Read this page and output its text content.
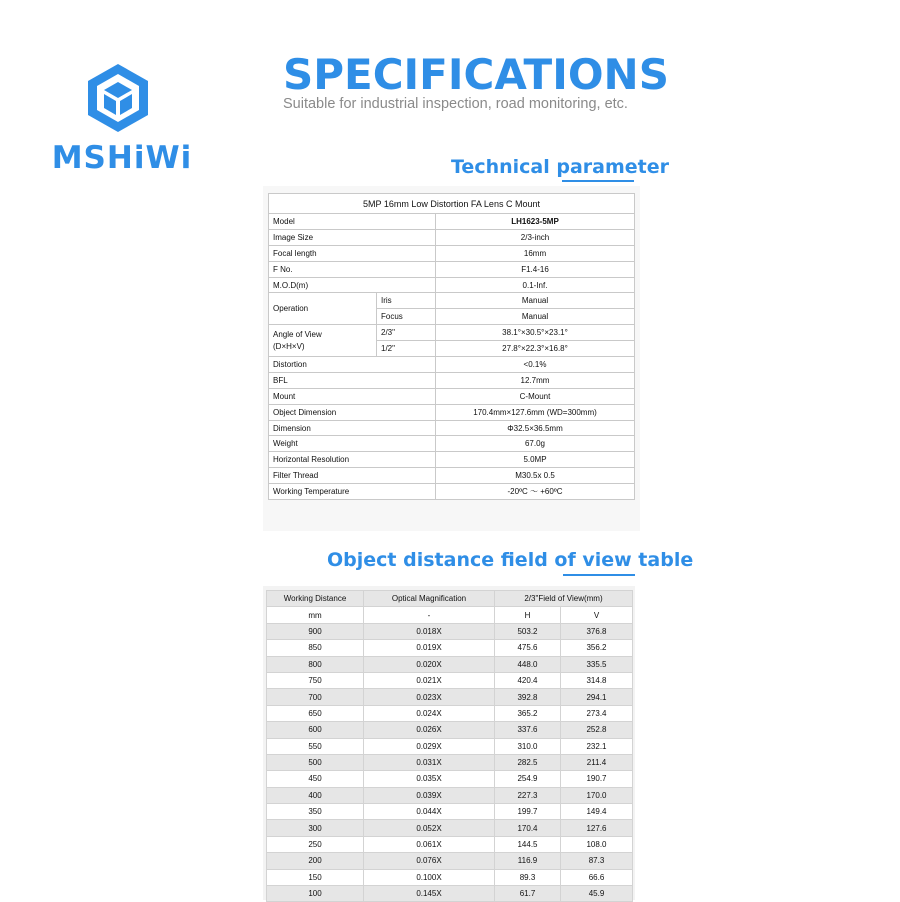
MSHiWi
SPECIFICATIONS
Suitable for industrial inspection, road monitoring, etc.
Technical parameter
5MP 16mm Low Distortion FA Lens C Mount		
Model		LH1623-5MP
Image Size		2/3-inch
Focal length		16mm
F No.		F1.4-16
M.O.D(m)		0.1-Inf.
Operation	Iris	Manual
	Focus	Manual
Angle of View
(D×H×V)	2/3"	38.1°×30.5°×23.1°
	1/2"	27.8°×22.3°×16.8°
Distortion		<0.1%
BFL		12.7mm
Mount		C-Mount
Object Dimension		170.4mm×127.6mm (WD=300mm)
Dimension		Φ32.5×36.5mm
Weight		67.0g
Horizontal Resolution		5.0MP
Filter Thread		M30.5x 0.5
Working Temperature		-20ºC ～ +60ºC
Object distance field of view table
Working Distance	Optical Magnification	2/3"Field of View(mm)	
mm	-	H	V
900	0.018X	503.2	376.8
850	0.019X	475.6	356.2
800	0.020X	448.0	335.5
750	0.021X	420.4	314.8
700	0.023X	392.8	294.1
650	0.024X	365.2	273.4
600	0.026X	337.6	252.8
550	0.029X	310.0	232.1
500	0.031X	282.5	211.4
450	0.035X	254.9	190.7
400	0.039X	227.3	170.0
350	0.044X	199.7	149.4
300	0.052X	170.4	127.6
250	0.061X	144.5	108.0
200	0.076X	116.9	87.3
150	0.100X	89.3	66.6
100	0.145X	61.7	45.9
